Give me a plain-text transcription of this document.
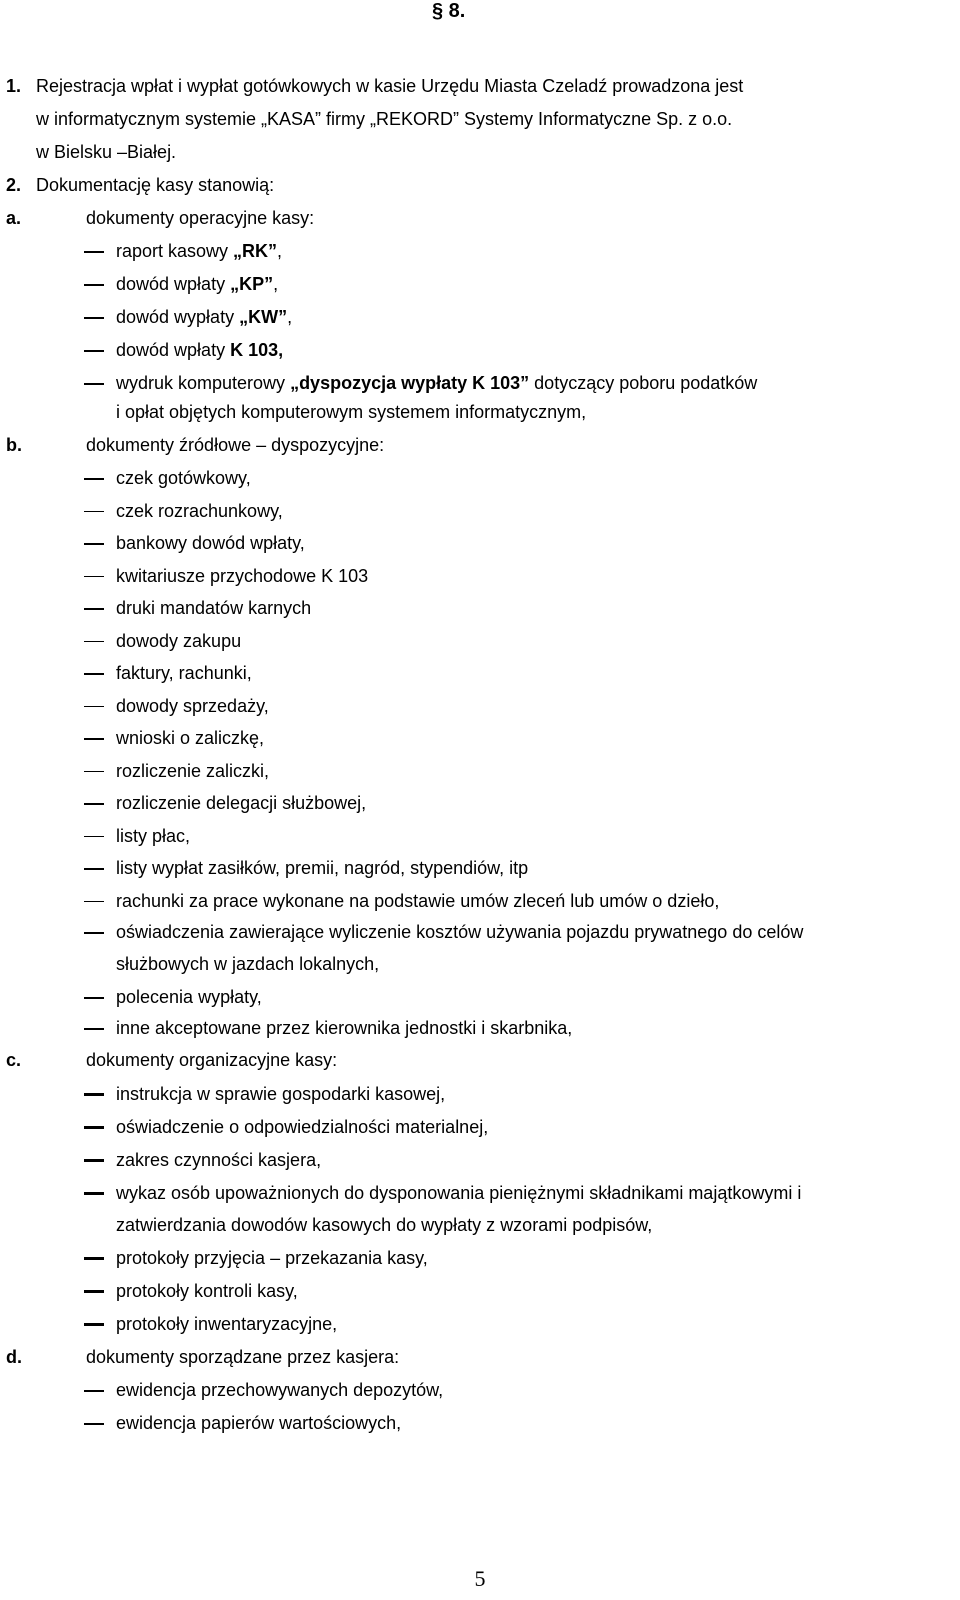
§ 8.
1. Rejestracja wpłat i wypłat gotówkowych w kasie Urzędu Miasta Czeladź prowadzona jest
w informatycznym systemie „KASA” firmy „REKORD” Systemy Informatyczne Sp. z o.o.
w Bielsku –Białej.
2. Dokumentację kasy stanowią:
a.	dokumenty operacyjne kasy:
raport kasowy „RK”,
dowód wpłaty „KP”,
dowód wypłaty „KW”,
dowód wpłaty K 103,
wydruk komputerowy „dyspozycja wypłaty K 103” dotyczący poboru podatków
i opłat objętych komputerowym systemem informatycznym,
b.	dokumenty źródłowe – dyspozycyjne:
czek gotówkowy,
czek rozrachunkowy,
bankowy dowód wpłaty,
kwitariusze przychodowe K 103
druki mandatów karnych
dowody zakupu
faktury, rachunki,
dowody sprzedaży,
wnioski o zaliczkę,
rozliczenie zaliczki,
rozliczenie delegacji służbowej,
listy płac,
listy wypłat zasiłków, premii, nagród, stypendiów, itp
rachunki za prace wykonane na podstawie umów zleceń lub umów o dzieło,
oświadczenia zawierające wyliczenie kosztów używania pojazdu prywatnego do celów
służbowych w jazdach lokalnych,
polecenia wypłaty,
inne akceptowane przez kierownika jednostki i skarbnika,
c.	dokumenty organizacyjne kasy:
instrukcja w sprawie gospodarki kasowej,
oświadczenie o odpowiedzialności materialnej,
zakres czynności kasjera,
wykaz osób upoważnionych do dysponowania pieniężnymi składnikami majątkowymi i
zatwierdzania dowodów kasowych do wypłaty z wzorami podpisów,
protokoły przyjęcia – przekazania kasy,
protokoły kontroli kasy,
protokoły inwentaryzacyjne,
d.	dokumenty sporządzane przez kasjera:
ewidencja przechowywanych depozytów,
ewidencja papierów wartościowych,
5
